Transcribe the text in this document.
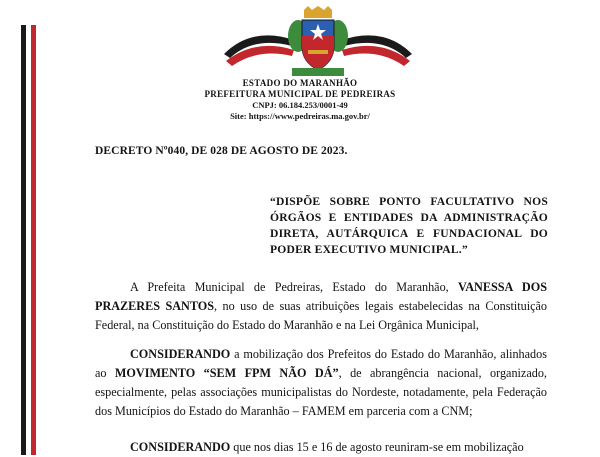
ESTADO DO MARANHÃO
PREFEITURA MUNICIPAL DE PEDREIRAS
CNPJ: 06.184.253/0001-49
Site: https://www.pedreiras.ma.gov.br/
DECRETO Nº040, DE 028 DE AGOSTO DE 2023.
“DISPÕE SOBRE PONTO FACULTATIVO NOS ÓRGÃOS E ENTIDADES DA ADMINISTRAÇÃO DIRETA, AUTÁRQUICA E FUNDACIONAL DO PODER EXECUTIVO MUNICIPAL.”
A Prefeita Municipal de Pedreiras, Estado do Maranhão, VANESSA DOS PRAZERES SANTOS, no uso de suas atribuições legais estabelecidas na Constituição Federal, na Constituição do Estado do Maranhão e na Lei Orgânica Municipal,
CONSIDERANDO a mobilização dos Prefeitos do Estado do Maranhão, alinhados ao MOVIMENTO “SEM FPM NÃO DÁ”, de abrangência nacional, organizado, especialmente, pelas associações municipalistas do Nordeste, notadamente, pela Federação dos Municípios do Estado do Maranhão – FAMEM em parceria com a CNM;
CONSIDERANDO que nos dias 15 e 16 de agosto reuniram-se em mobilização
